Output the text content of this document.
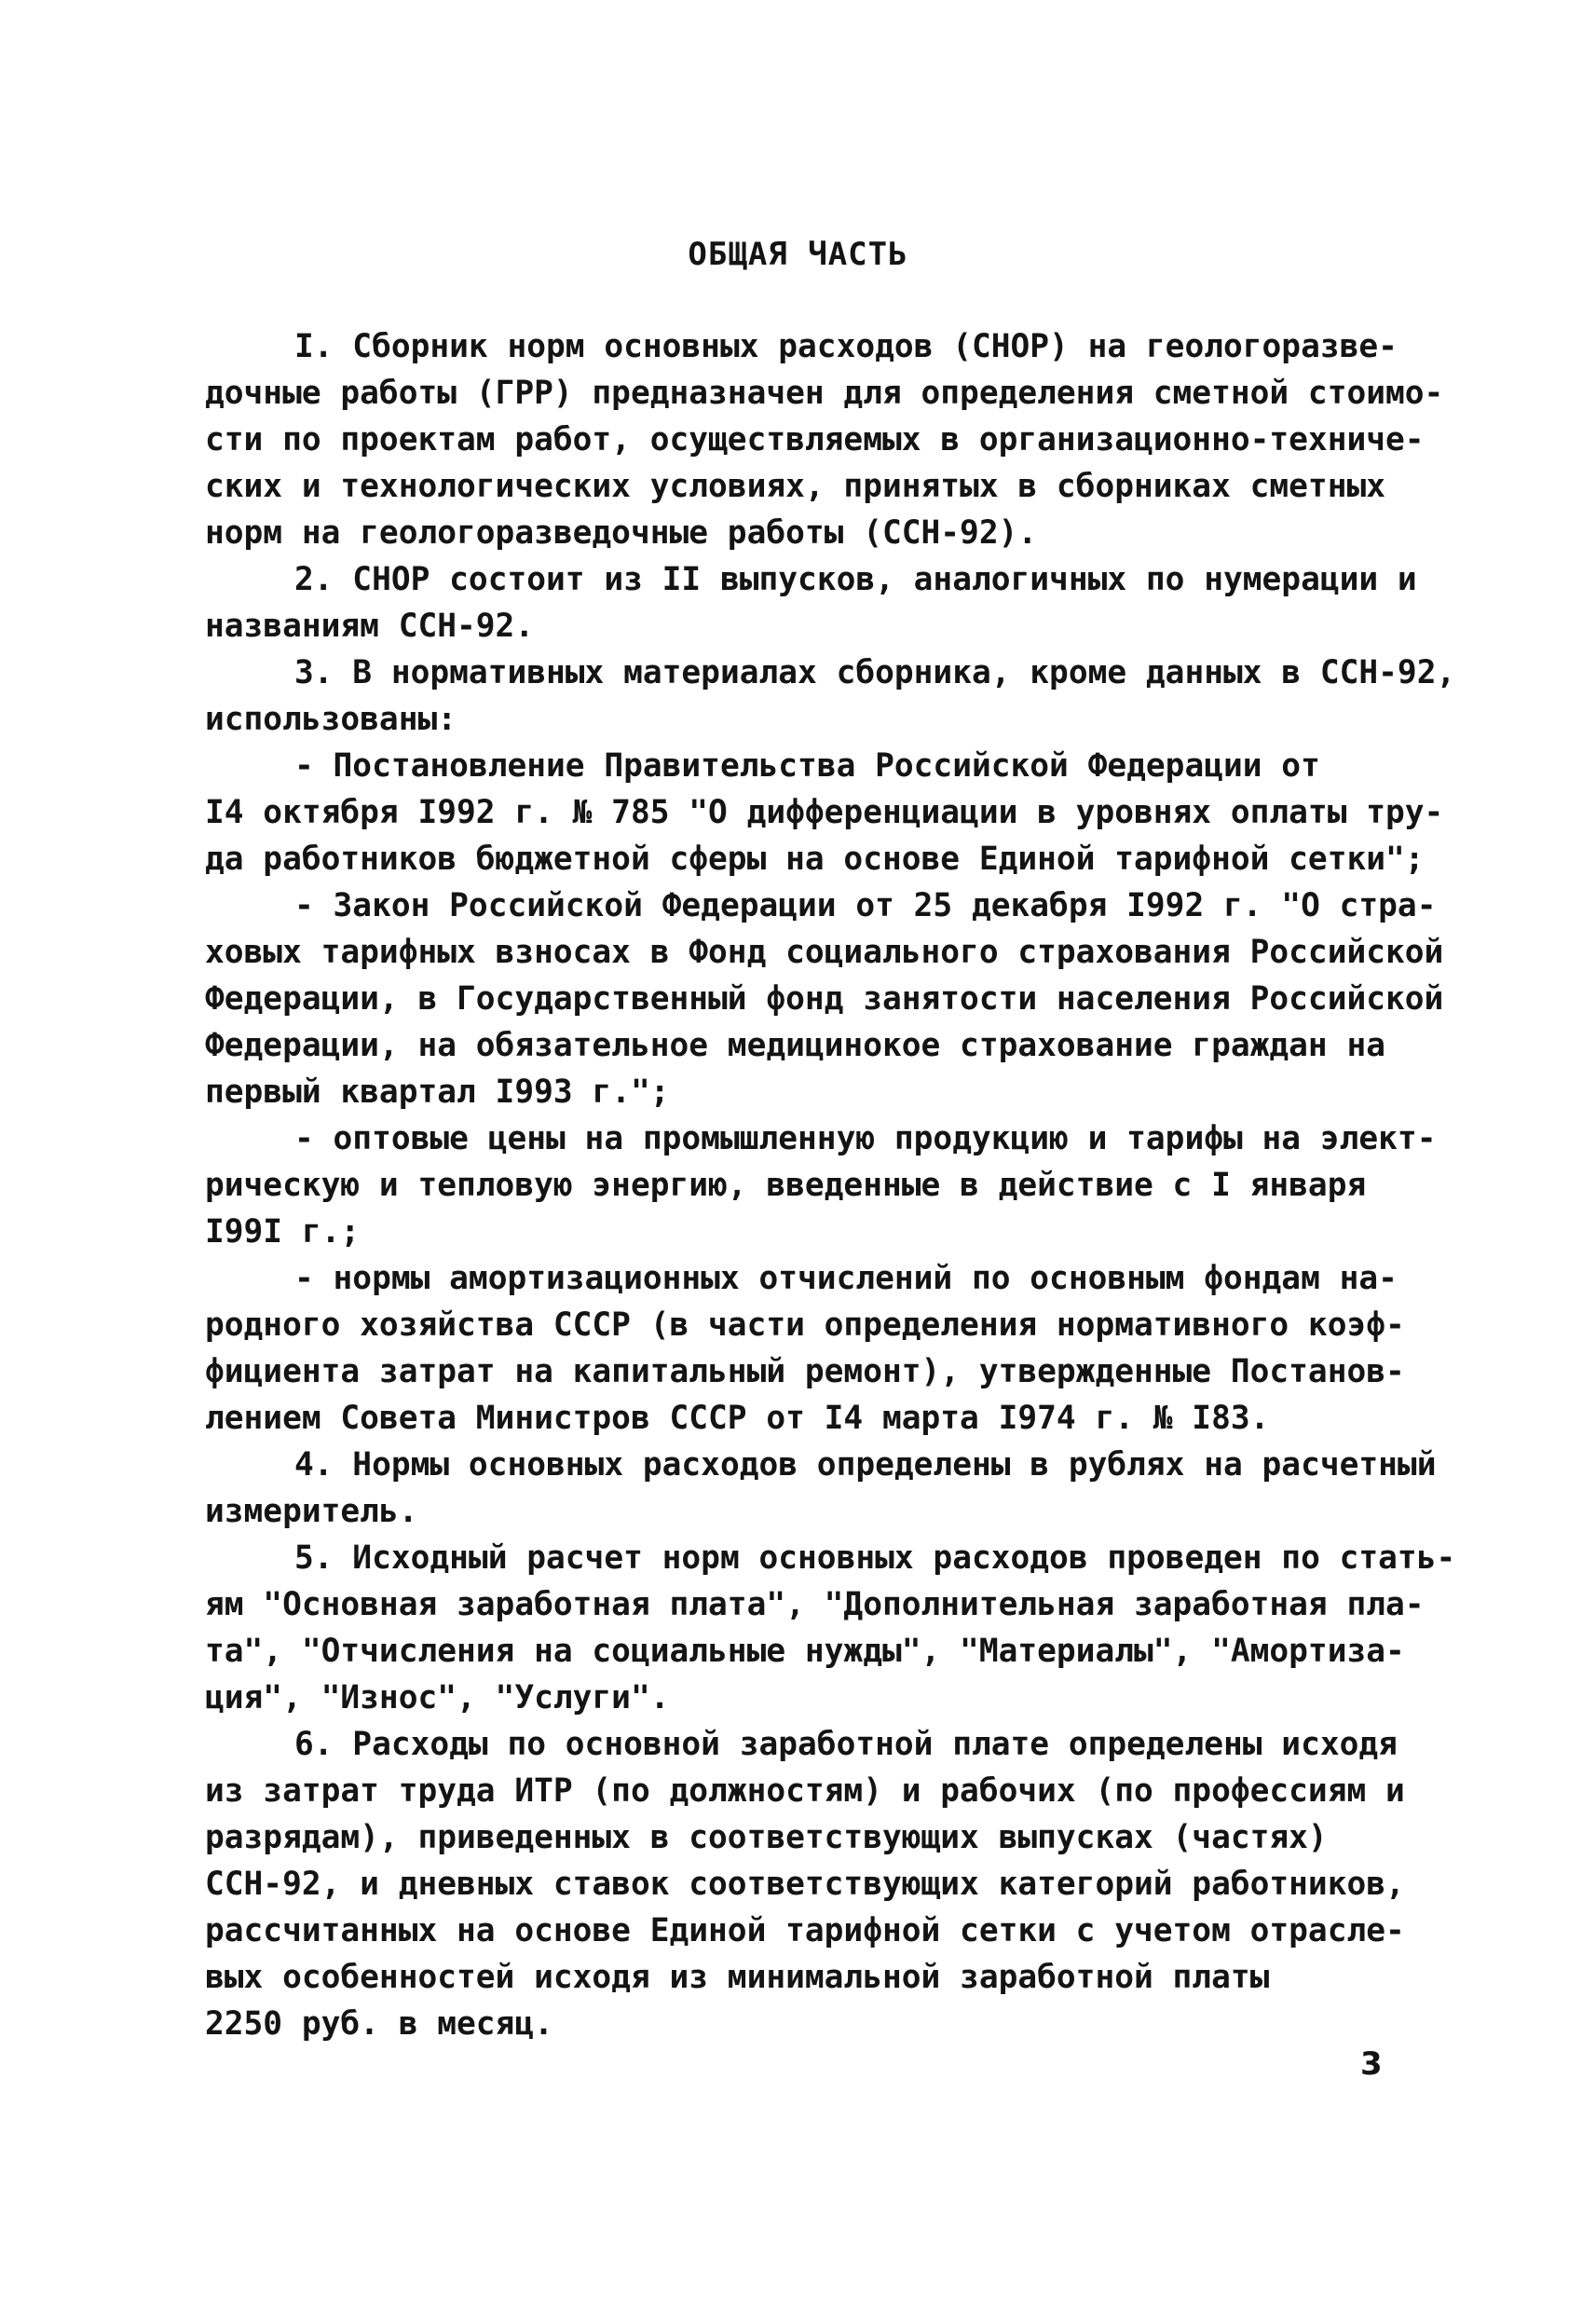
ОБЩАЯ ЧАСТЬ

I. Сборник норм основных расходов (СНОР) на геологоразве-

дочные работы (ГРР) предназначен для определения сметной стоимо-

сти по проектам работ, осуществляемых в организационно-техниче-

ских и технологических условиях, принятых в сборниках сметных

норм на геологоразведочные работы (ССН-92).

2. СНОР состоит из II выпусков, аналогичных по нумерации и

названиям ССН-92.

3. В нормативных материалах сборника, кроме данных в ССН-92,

использованы:

- Постановление Правительства Российской Федерации от

I4 октября I992 г. № 785 "О дифференциации в уровнях оплаты тру-

да работников бюджетной сферы на основе Единой тарифной сетки";

- Закон Российской Федерации от 25 декабря I992 г. "О стра-

ховых тарифных взносах в Фонд социального страхования Российской

Федерации, в Государственный фонд занятости населения Российской

Федерации, на обязательное медицинокое страхование граждан на

первый квартал I993 г.";

- оптовые цены на промышленную продукцию и тарифы на элект-

рическую и тепловую энергию, введенные в действие с I января

I99I г.;

- нормы амортизационных отчислений по основным фондам на-

родного хозяйства СССР (в части определения нормативного коэф-

фициента затрат на капитальный ремонт), утвержденные Постанов-

лением Совета Министров СССР от I4 марта I974 г. № I83.

4. Нормы основных расходов определены в рублях на расчетный

измеритель.

5. Исходный расчет норм основных расходов проведен по стать-

ям "Основная заработная плата", "Дополнительная заработная пла-

та", "Отчисления на социальные нужды", "Материалы", "Амортиза-

ция", "Износ", "Услуги".

6. Расходы по основной заработной плате определены исходя

из затрат труда ИТР (по должностям) и рабочих (по профессиям и

разрядам), приведенных в соответствующих выпусках (частях)

ССН-92, и дневных ставок соответствующих категорий работников,

рассчитанных на основе Единой тарифной сетки с учетом отрасле-

вых особенностей исходя из минимальной заработной платы

2250 руб. в месяц.

3
